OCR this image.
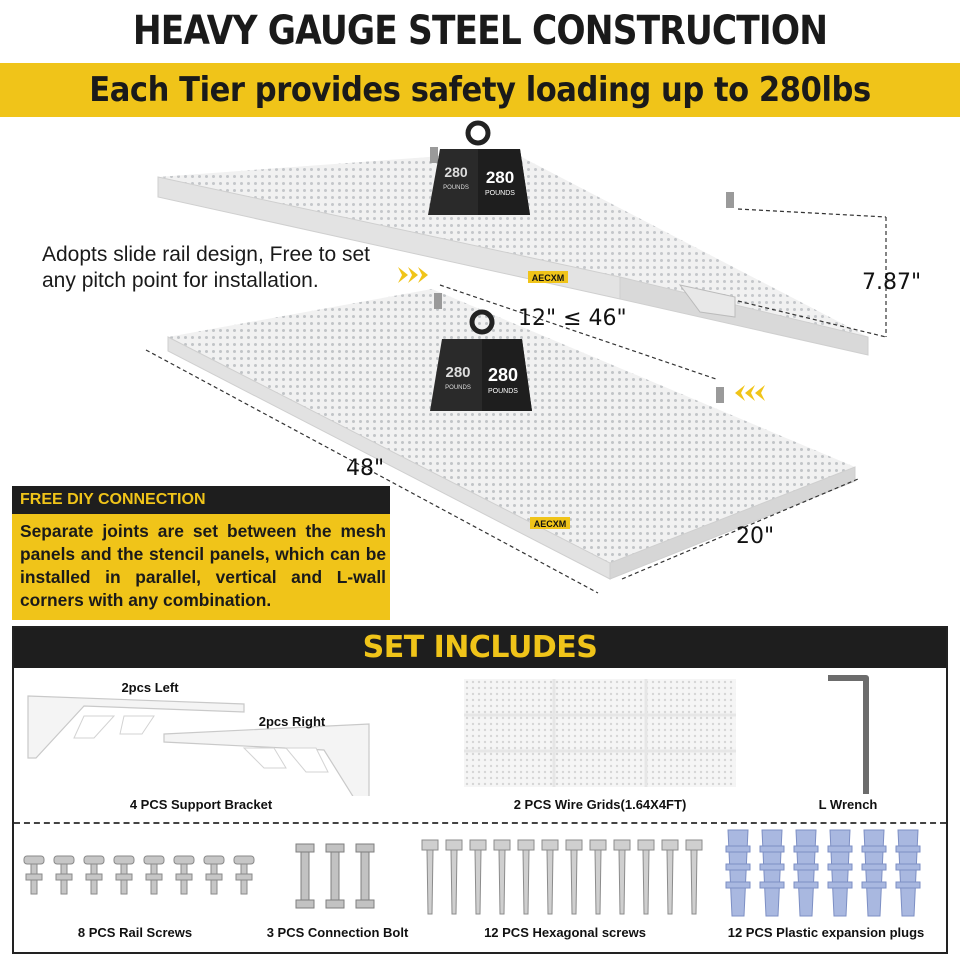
HEAVY GAUGE STEEL CONSTRUCTION
Each Tier provides safety loading up to 280lbs
AECXM
AECXM
280
POUNDS
280
POUNDS
280
POUNDS
280
POUNDS
Adopts slide rail design, Free to set
any pitch point for installation.	7.87"
12" ≤ 46"
48"
20"
FREE DIY CONNECTION
Separate joints are set between the mesh panels and the stencil panels, which can be installed in parallel, vertical and L-wall corners with any combination.
SET INCLUDES
2pcs Left
2pcs Right
4 PCS Support Bracket	2 PCS Wire Grids(1.64X4FT)	L Wrench
8 PCS Rail Screws	3 PCS Connection Bolt	12 PCS Hexagonal screws	12 PCS Plastic expansion plugs
